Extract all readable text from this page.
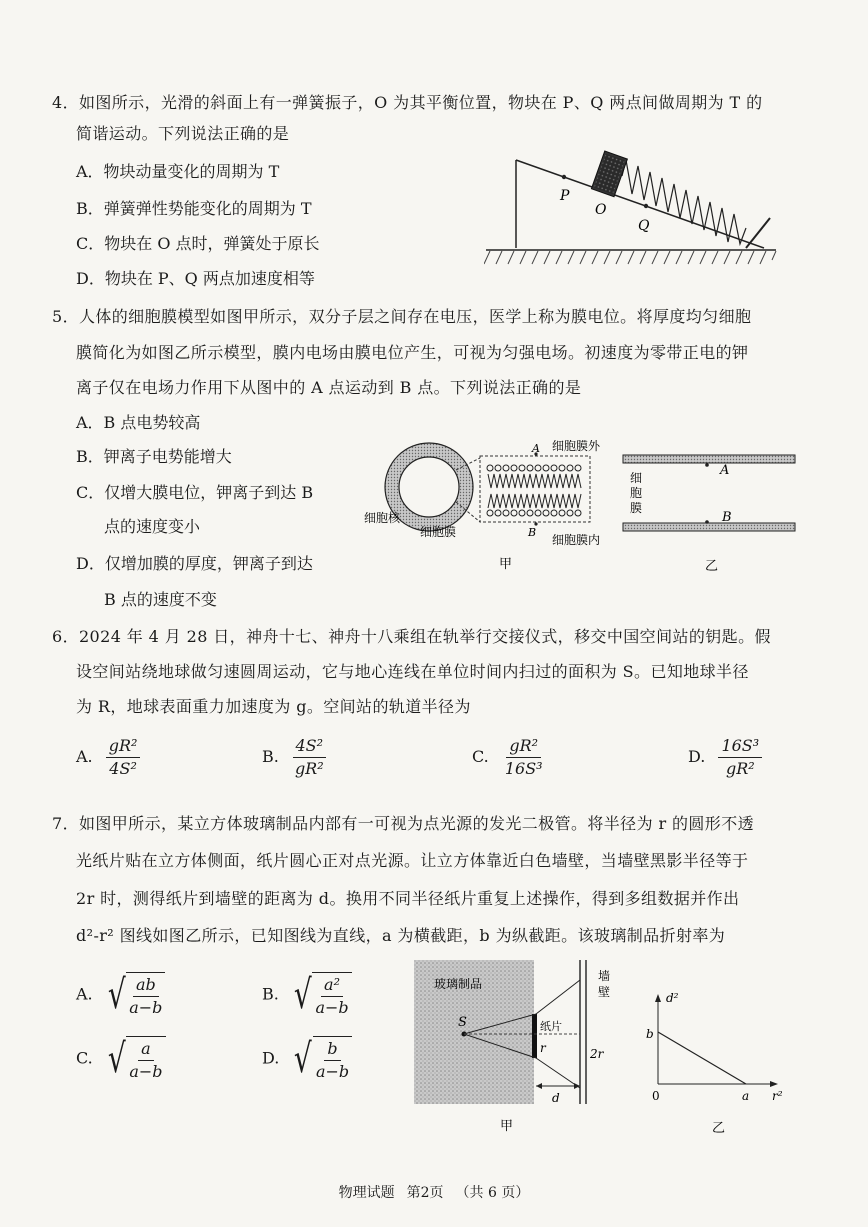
4．如图所示，光滑的斜面上有一弹簧振子，O 为其平衡位置，物块在 P、Q 两点间做周期为 T 的
简谐运动。下列说法正确的是
A．物块动量变化的周期为 T
B．弹簧弹性势能变化的周期为 T
C．物块在 O 点时，弹簧处于原长
D．物块在 P、Q 两点加速度相等
P
O
Q
5．人体的细胞膜模型如图甲所示，双分子层之间存在电压，医学上称为膜电位。将厚度均匀细胞
膜简化为如图乙所示模型，膜内电场由膜电位产生，可视为匀强电场。初速度为零带正电的钾
离子仅在电场力作用下从图中的 A 点运动到 B 点。下列说法正确的是
A．B 点电势较高
B．钾离子电势能增大
C．仅增大膜电位，钾离子到达 B
点的速度变小
D．仅增加膜的厚度，钾离子到达
B 点的速度不变
A
B
细胞膜外
细胞膜内
细胞核
细胞膜
A
B
细
胞
膜
甲	乙
6．2024 年 4 月 28 日，神舟十七、神舟十八乘组在轨举行交接仪式，移交中国空间站的钥匙。假
设空间站绕地球做匀速圆周运动，它与地心连线在单位时间内扫过的面积为 S。已知地球半径
为 R，地球表面重力加速度为 g。空间站的轨道半径为
A. $\frac{\text{gR²}}{\text{4S²}}$	B. $\frac{\text{4S²}}{\text{gR²}}$	C. $\frac{\text{gR²}}{\text{16S³}}$	D. $\frac{\text{16S³}}{\text{gR²}}$
7．如图甲所示，某立方体玻璃制品内部有一可视为点光源的发光二极管。将半径为 r 的圆形不透
光纸片贴在立方体侧面，纸片圆心正对点光源。让立方体靠近白色墙壁，当墙壁黑影半径等于
2r 时，测得纸片到墙壁的距离为 d。换用不同半径纸片重复上述操作，得到多组数据并作出
d²-r² 图线如图乙所示，已知图线为直线，a 为横截距，b 为纵截距。该玻璃制品折射率为
A. √ $\frac{ab}{a-b}$	B. √ $\frac{\text{a²}}{a-b}$
C. √ $\frac{a}{a-b}$	D. √ $\frac{b}{a-b}$
玻璃制品
墙
壁
S	纸片
r	2r
d
甲
d²
r²
0
b
a
乙
物理试题 第2页 （共 6 页）
